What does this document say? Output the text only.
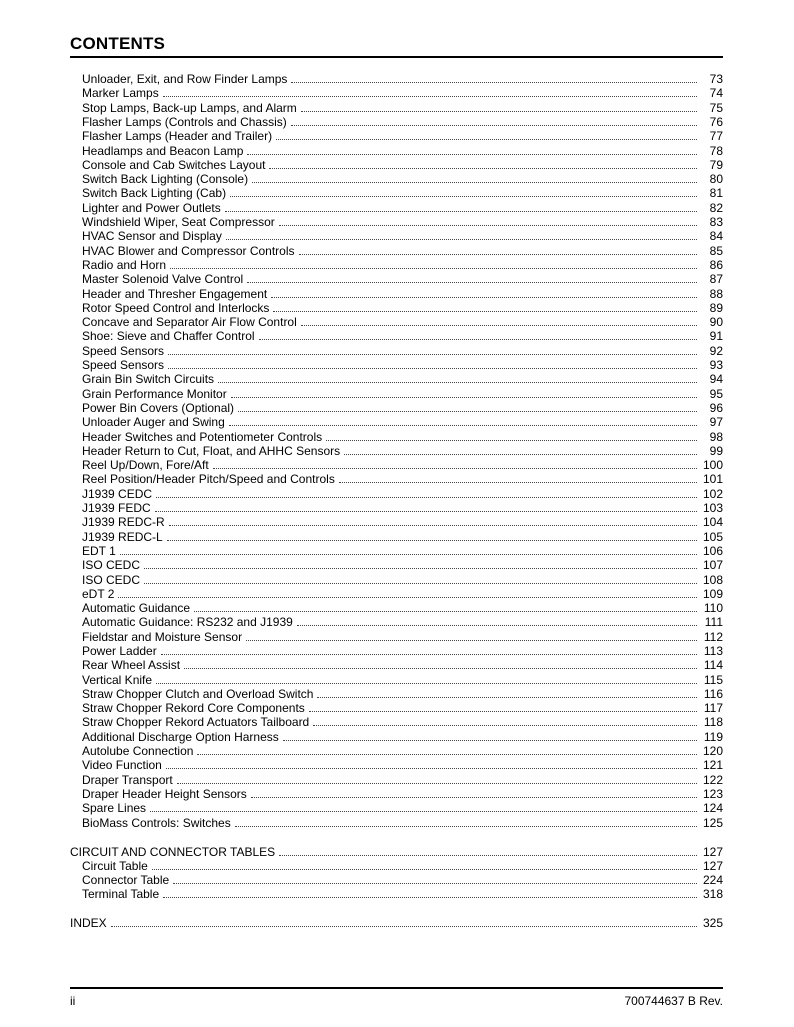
CONTENTS
Unloader, Exit, and Row Finder Lamps	73
Marker Lamps	74
Stop Lamps, Back-up Lamps, and Alarm	75
Flasher Lamps (Controls and Chassis)	76
Flasher Lamps (Header and Trailer)	77
Headlamps and Beacon Lamp	78
Console and Cab Switches Layout	79
Switch Back Lighting (Console)	80
Switch Back Lighting (Cab)	81
Lighter and Power Outlets	82
Windshield Wiper, Seat Compressor	83
HVAC Sensor and Display	84
HVAC Blower and Compressor Controls	85
Radio and Horn	86
Master Solenoid Valve Control	87
Header and Thresher Engagement	88
Rotor Speed Control and Interlocks	89
Concave and Separator Air Flow Control	90
Shoe: Sieve and Chaffer Control	91
Speed Sensors	92
Speed Sensors	93
Grain Bin Switch Circuits	94
Grain Performance Monitor	95
Power Bin Covers (Optional)	96
Unloader Auger and Swing	97
Header Switches and Potentiometer Controls	98
Header Return to Cut, Float, and AHHC Sensors	99
Reel Up/Down, Fore/Aft	100
Reel Position/Header Pitch/Speed and Controls	101
J1939 CEDC	102
J1939 FEDC	103
J1939 REDC-R	104
J1939 REDC-L	105
EDT 1	106
ISO CEDC	107
ISO CEDC	108
eDT 2	109
Automatic Guidance	110
Automatic Guidance: RS232 and J1939	111
Fieldstar and Moisture Sensor	112
Power Ladder	113
Rear Wheel Assist	114
Vertical Knife	115
Straw Chopper Clutch and Overload Switch	116
Straw Chopper Rekord Core Components	117
Straw Chopper Rekord Actuators Tailboard	118
Additional Discharge Option Harness	119
Autolube Connection	120
Video Function	121
Draper Transport	122
Draper Header Height Sensors	123
Spare Lines	124
BioMass Controls: Switches	125
CIRCUIT AND CONNECTOR TABLES	127
Circuit Table	127
Connector Table	224
Terminal Table	318
INDEX	325
ii	700744637 B Rev.
